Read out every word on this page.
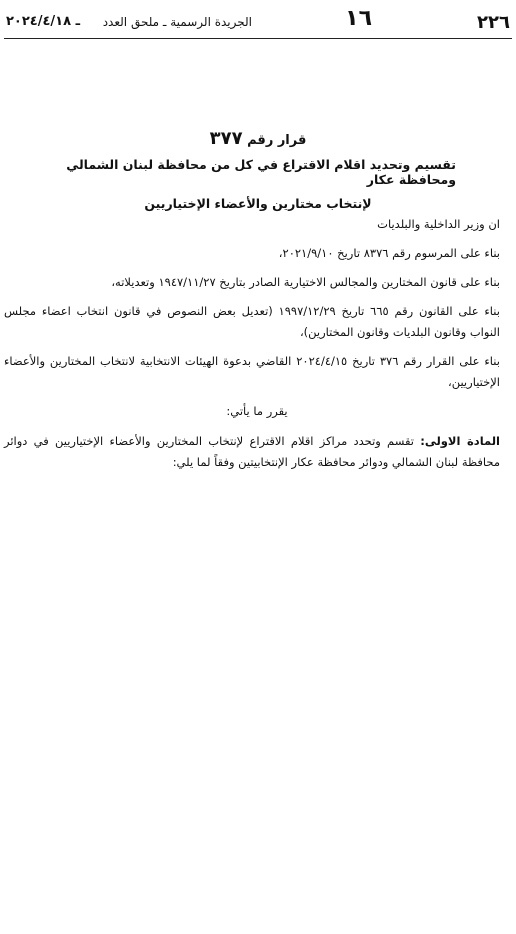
٢٢٦
الجريدة الرسمية ـ ملحق العدد	١٦
ـ ٢٠٢٤/٤/١٨
قرار رقم ٣٧٧
تقسيم وتحديد اقلام الاقتراع في كل من محافظة لبنان الشمالي ومحافظة عكار
لإنتخاب مختارين والأعضاء الإختياريين

ان وزير الداخلية والبلديات

بناء على المرسوم رقم ٨٣٧٦ تاريخ ٢٠٢١/٩/١٠،

بناء على قانون المختارين والمجالس الاختيارية الصادر بتاريخ ١٩٤٧/١١/٢٧ وتعديلاته،

بناء على القانون رقم ٦٦٥ تاريخ ١٩٩٧/١٢/٢٩ (تعديل بعض النصوص في قانون انتخاب اعضاء مجلس النواب وقانون البلديات وقانون المختارين)،

بناء على القرار رقم ٣٧٦ تاريخ ٢٠٢٤/٤/١٥ القاضي بدعوة الهيئات الانتخابية لانتخاب المختارين والأعضاء الإختياريين،

يقرر ما يأتي:

المادة الاولى: تقسم وتحدد مراكز اقلام الاقتراع لإنتخاب المختارين والأعضاء الإختياريين في دوائر محافظة لبنان الشمالي ودوائر محافظة عكار الإنتخابيتين وفقاً لما يلي:
